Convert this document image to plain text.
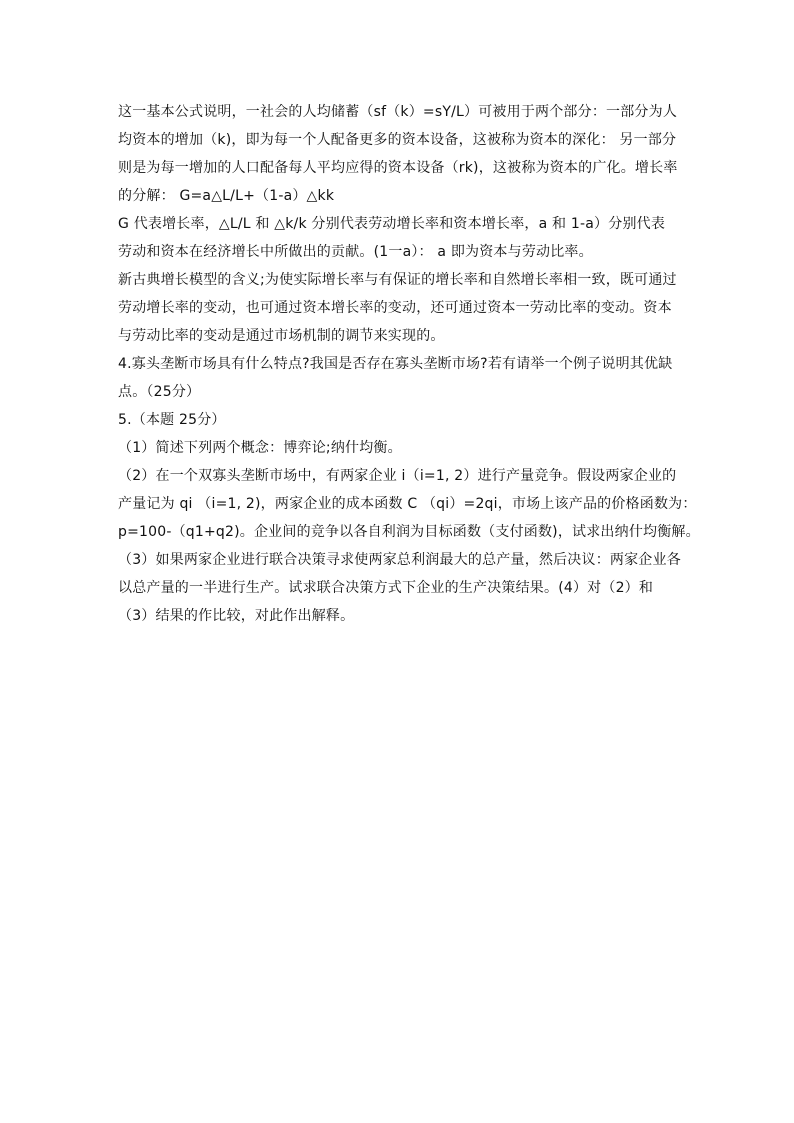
这一基本公式说明，一社会的人均储蓄（sf（k）=sY/L）可被用于两个部分：一部分为人
均资本的增加（k)，即为每一个人配备更多的资本设备，这被称为资本的深化： 另一部分
则是为每一增加的人口配备每人平均应得的资本设备（rk)，这被称为资本的广化。增长率
的分解： G=a△L/L+（1-a）△kk
G 代表增长率，△L/L 和 △k/k 分别代表劳动增长率和资本增长率，a 和 1-a）分别代表
劳动和资本在经济增长中所做出的贡献。(1一a）： a 即为资本与劳动比率。
新古典增长模型的含义;为使实际增长率与有保证的增长率和自然增长率相一致，既可通过
劳动增长率的变动，也可通过资本增长率的变动，还可通过资本一劳动比率的变动。资本
与劳动比率的变动是通过市场机制的调节来实现的。
4.寡头垄断市场具有什么特点?我国是否存在寡头垄断市场?若有请举一个例子说明其优缺
点。（25分）
5.（本题 25分）
（1）简述下列两个概念：博弈论;纳什均衡。
（2）在一个双寡头垄断市场中，有两家企业 i（i=1, 2）进行产量竞争。假设两家企业的
产量记为 qi （i=1, 2)，两家企业的成本函数 C （qi）=2qi，市场上该产品的价格函数为：
p=100-（q1+q2)。企业间的竞争以各自利润为目标函数（支付函数)，试求出纳什均衡解。
（3）如果两家企业进行联合决策寻求使两家总利润最大的总产量，然后决议：两家企业各
以总产量的一半进行生产。试求联合决策方式下企业的生产决策结果。(4）对（2）和
（3）结果的作比较，对此作出解释。
